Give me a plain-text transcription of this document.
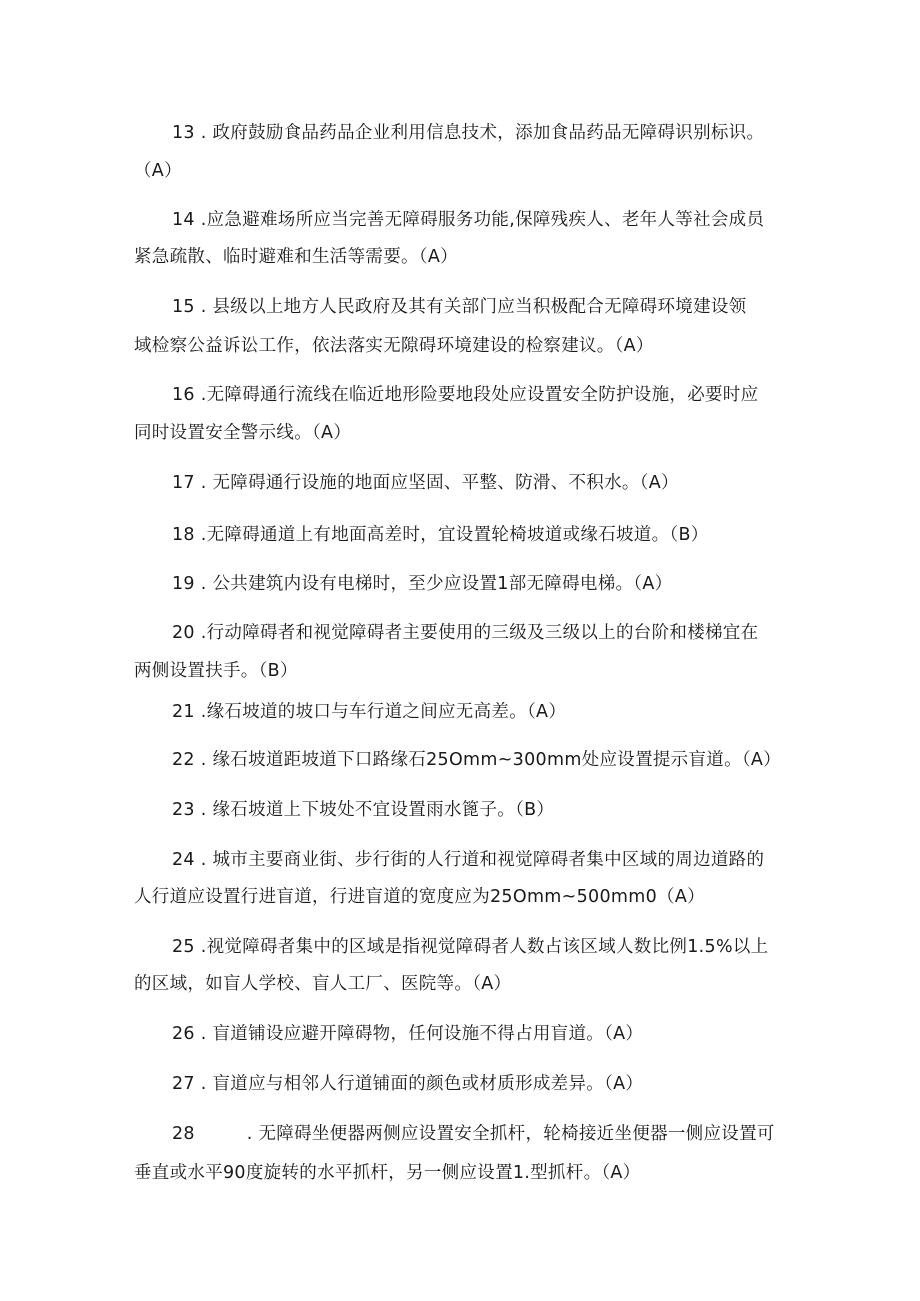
13 . 政府鼓励食品药品企业利用信息技术，添加食品药品无障碍识别标识。
（A）
14 .应急避难场所应当完善无障碍服务功能,保障残疾人、老年人等社会成员
紧急疏散、临时避难和生活等需要。（A）
15 . 县级以上地方人民政府及其有关部门应当积极配合无障碍环境建设领
域检察公益诉讼工作，依法落实无隙碍环境建设的检察建议。（A）
16 .无障碍通行流线在临近地形险要地段处应设置安全防护设施，必要时应
同时设置安全警示线。（A）
17 . 无障碍通行设施的地面应坚固、平整、防滑、不积水。（A）
18 .无障碍通道上有地面高差时，宜设置轮椅坡道或缘石坡道。（B）
19 . 公共建筑内设有电梯时，至少应设置1部无障碍电梯。（A）
20 .行动障碍者和视觉障碍者主要使用的三级及三级以上的台阶和楼梯宜在
两侧设置扶手。（B）
21 .缘石坡道的坡口与车行道之间应无高差。（A）
22 . 缘石坡道距坡道下口路缘石25Omm~300mm处应设置提示盲道。（A）
23 . 缘石坡道上下坡处不宜设置雨水篦子。（B）
24 . 城市主要商业街、步行街的人行道和视觉障碍者集中区域的周边道路的
人行道应设置行进盲道，行进盲道的宽度应为25Omm~500mm0（A）
25 .视觉障碍者集中的区域是指视觉障碍者人数占该区域人数比例1.5%以上
的区域，如盲人学校、盲人工厂、医院等。（A）
26 . 盲道铺设应避开障碍物，任何设施不得占用盲道。（A）
27 . 盲道应与相邻人行道铺面的颜色或材质形成差异。（A）
28	. 无障碍坐便器两侧应设置安全抓杆，轮椅接近坐便器一侧应设置可
垂直或水平90度旋转的水平抓杆，另一侧应设置1.型抓杆。（A）
